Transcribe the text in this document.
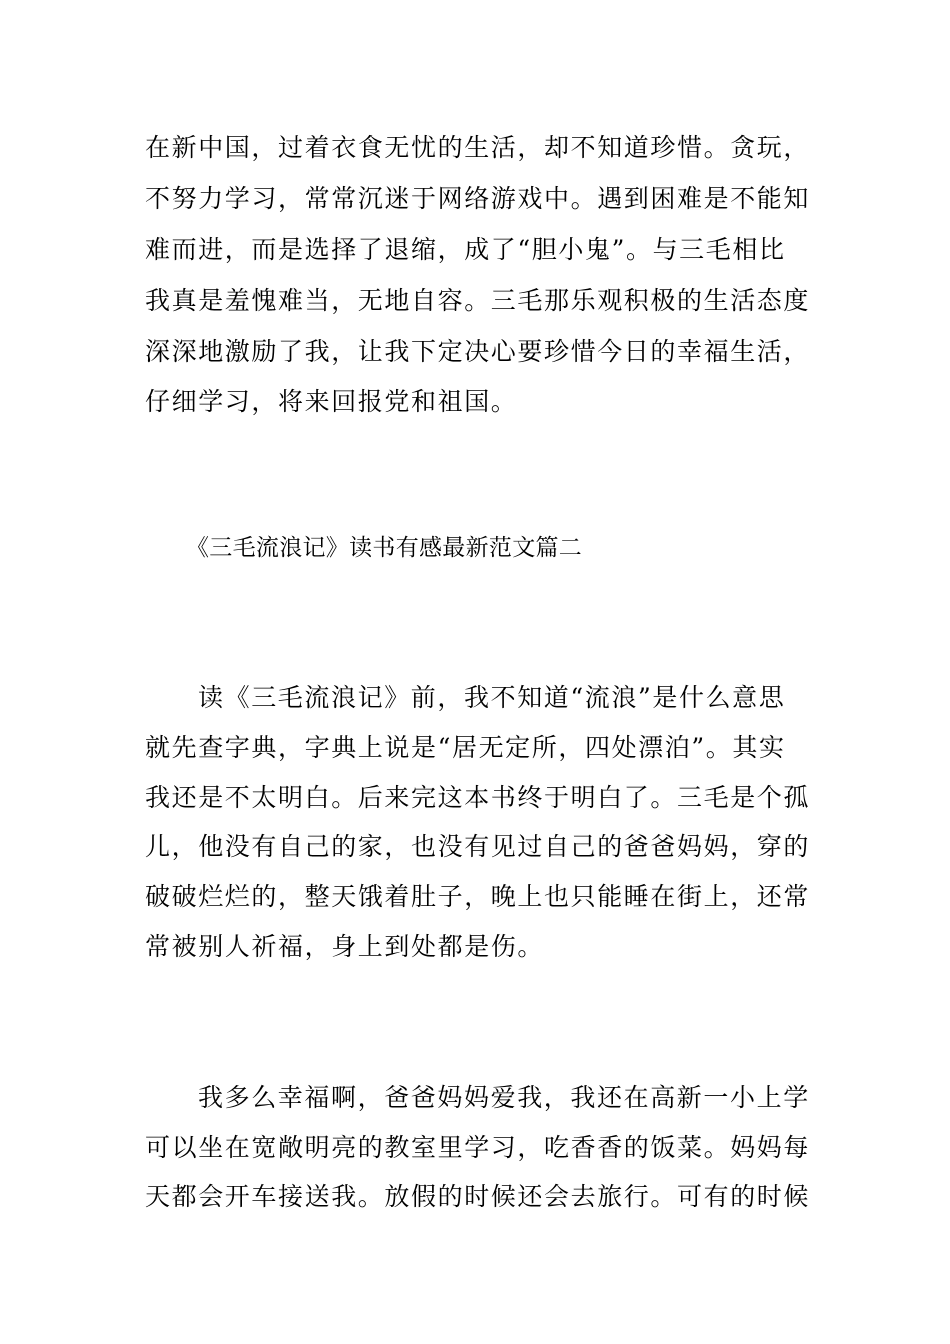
在新中国，过着衣食无忧的生活，却不知道珍惜。贪玩，
不努力学习，常常沉迷于网络游戏中。遇到困难是不能知
难而进，而是选择了退缩，成了“胆小鬼”。与三毛相比
我真是羞愧难当，无地自容。三毛那乐观积极的生活态度
深深地激励了我，让我下定决心要珍惜今日的幸福生活，
仔细学习，将来回报党和祖国。
《三毛流浪记》读书有感最新范文篇二
读《三毛流浪记》前，我不知道“流浪”是什么意思
就先查字典，字典上说是“居无定所，四处漂泊”。其实
我还是不太明白。后来完这本书终于明白了。三毛是个孤
儿，他没有自己的家，也没有见过自己的爸爸妈妈，穿的
破破烂烂的，整天饿着肚子，晚上也只能睡在街上，还常
常被别人祈福，身上到处都是伤。
我多么幸福啊，爸爸妈妈爱我，我还在高新一小上学
可以坐在宽敞明亮的教室里学习，吃香香的饭菜。妈妈每
天都会开车接送我。放假的时候还会去旅行。可有的时候
